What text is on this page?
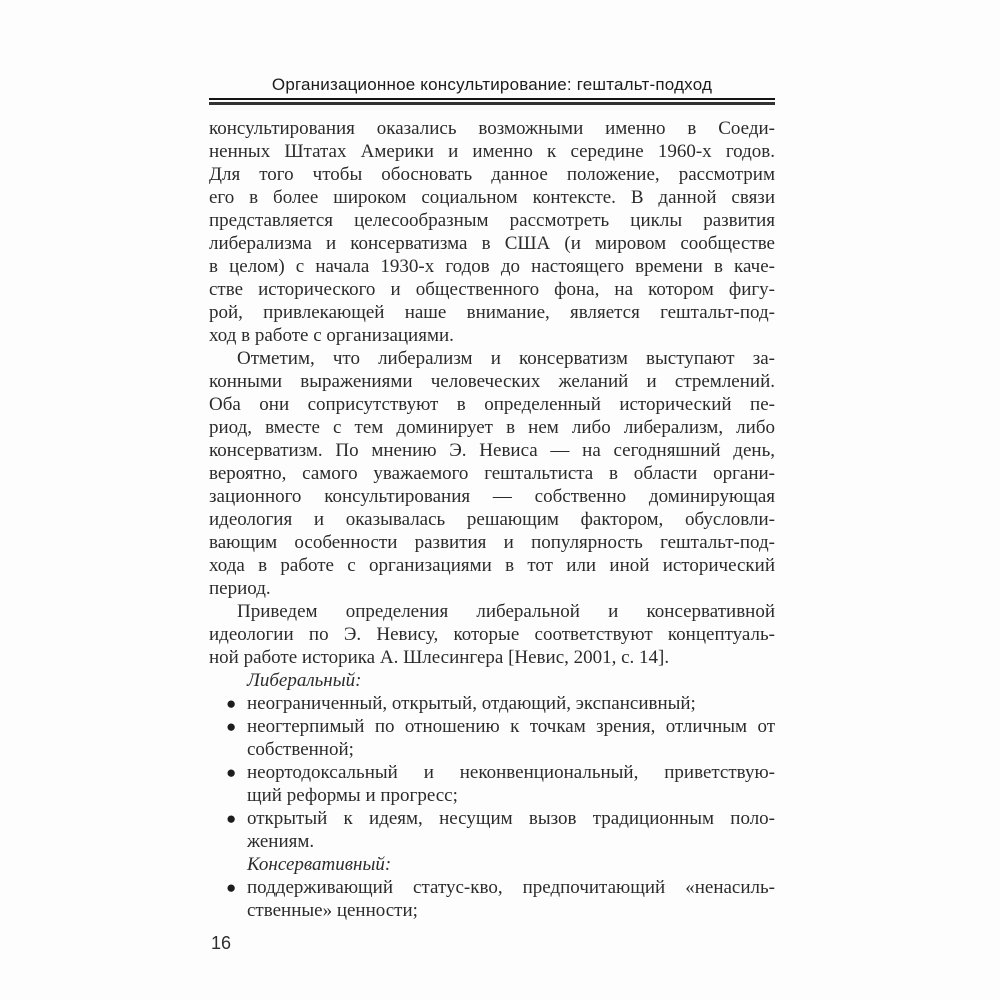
Организационное консультирование: гештальт-подход
консультирования оказались возможными именно в Соеди-
ненных Штатах Америки и именно к середине 1960-х годов.
Для того чтобы обосновать данное положение, рассмотрим
его в более широком социальном контексте. В данной связи
представляется целесообразным рассмотреть циклы развития
либерализма и консерватизма в США (и мировом сообществе
в целом) с начала 1930-х годов до настоящего времени в каче-
стве исторического и общественного фона, на котором фигу-
рой, привлекающей наше внимание, является гештальт-под-
ход в работе с организациями.
Отметим, что либерализм и консерватизм выступают за-
конными выражениями человеческих желаний и стремлений.
Оба они соприсутствуют в определенный исторический пе-
риод, вместе с тем доминирует в нем либо либерализм, либо
консерватизм. По мнению Э. Невиса — на сегодняшний день,
вероятно, самого уважаемого гештальтиста в области органи-
зационного консультирования — собственно доминирующая
идеология и оказывалась решающим фактором, обусловли-
вающим особенности развития и популярность гештальт-под-
хода в работе с организациями в тот или иной исторический
период.
Приведем определения либеральной и консервативной
идеологии по Э. Невису, которые соответствуют концептуаль-
ной работе историка А. Шлесингера [Невис, 2001, с. 14].
Либеральный:
● неограниченный, открытый, отдающий, экспансивный;
● неогтерпимый по отношению к точкам зрения, отличным от
собственной;
● неортодоксальный и неконвенциональный, приветствую-
щий реформы и прогресс;
● открытый к идеям, несущим вызов традиционным поло-
жениям.
Консервативный:
● поддерживающий статус-кво, предпочитающий «ненасиль-
ственные» ценности;
16
